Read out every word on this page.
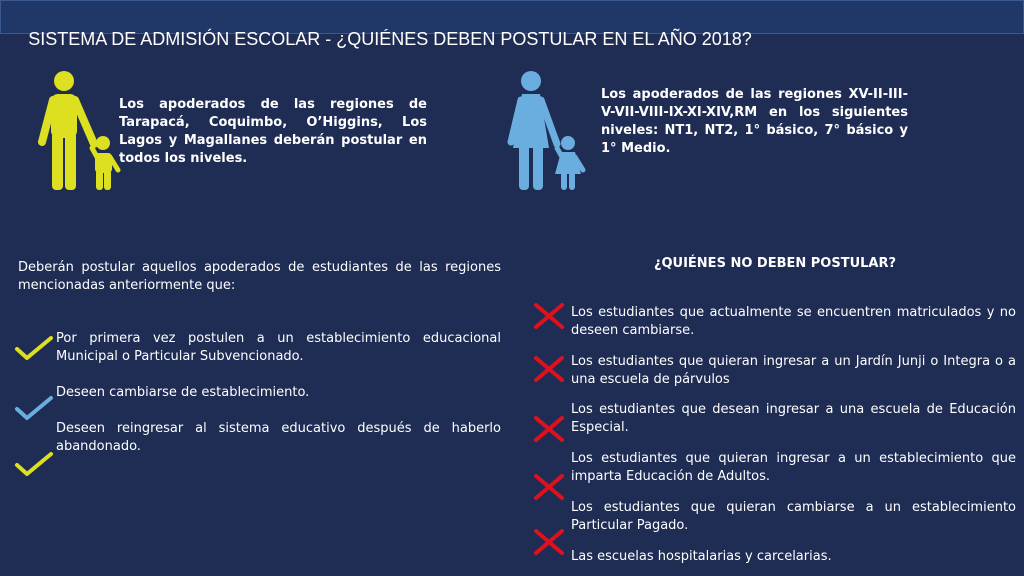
SISTEMA DE ADMISIÓN ESCOLAR - ¿QUIÉNES DEBEN POSTULAR EN EL AÑO 2018?
Los apoderados de las regiones de Tarapacá, Coquimbo, O’Higgins, Los Lagos y Magallanes deberán postular en todos los niveles.
Los apoderados de las regiones XV-II-III-V-VII-VIII-IX-XI-XIV,RM en los siguientes niveles: NT1, NT2, 1° básico, 7° básico y 1° Medio.
Deberán postular aquellos apoderados de estudiantes de las regiones mencionadas anteriormente que:
Por primera vez postulen a un establecimiento educacional Municipal o Particular Subvencionado.
Deseen cambiarse de establecimiento.
Deseen reingresar al sistema educativo después de haberlo abandonado.
¿QUIÉNES NO DEBEN POSTULAR?
Los estudiantes que actualmente se encuentren matriculados y no deseen cambiarse.
Los estudiantes que quieran ingresar a un Jardín Junji o Integra o a una escuela de párvulos
Los estudiantes que desean ingresar a una escuela de Educación Especial.
Los estudiantes que quieran ingresar a un establecimiento que imparta Educación de Adultos.
Los estudiantes que quieran cambiarse a un establecimiento Particular Pagado.
Las escuelas hospitalarias y carcelarias.
